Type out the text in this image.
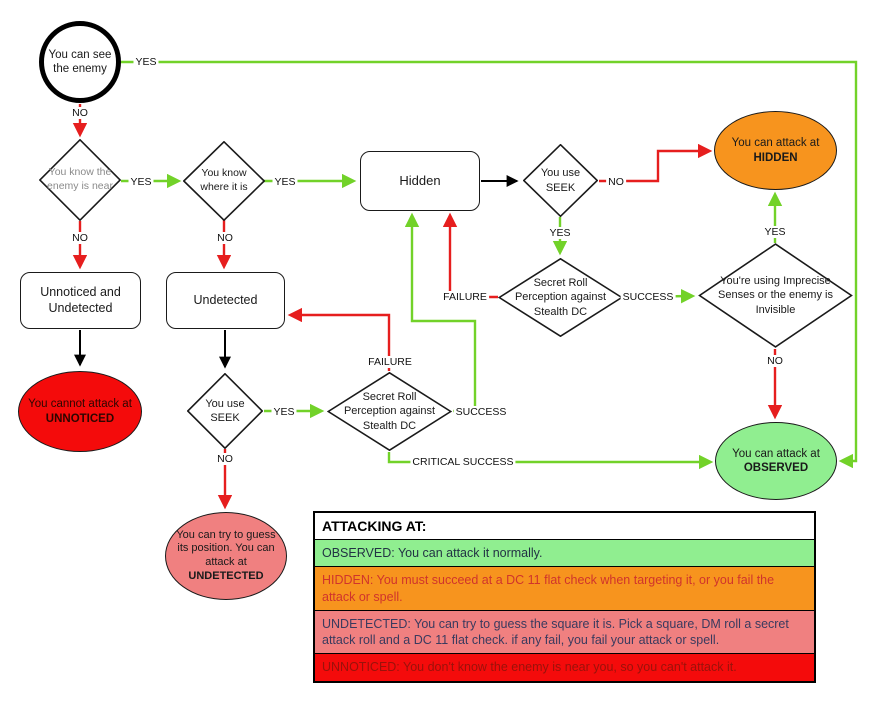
You can see the enemy
You know the enemy is near
You know where it is
Unnoticed and Undetected
Undetected
You cannot attack at
UNNOTICED
Hidden	You use SEEK
You can attack at
HIDDEN
Secret Roll Perception against Stealth DC
You're using Imprecise Senses or the enemy is Invisible
You use SEEK
Secret Roll Perception against Stealth DC
You can try to guess its position. You can attack at
UNDETECTED
You can attack at
OBSERVED
YES
NO
YES
NO
YES
NO
NO
YES
FAILURE	SUCCESS
YES
NO
YES
NO
FAILURE
SUCCESS
CRITICAL SUCCESS
ATTACKING AT:
OBSERVED: You can attack it normally.
HIDDEN: You must succeed at a DC 11 flat check when targeting it, or you fail the attack or spell.
UNDETECTED: You can try to guess the square it is. Pick a square, DM roll a secret attack roll and a DC 11 flat check. if any fail, you fail your attack or spell.
UNNOTICED: You don't know the enemy is near you, so you can't attack it.
